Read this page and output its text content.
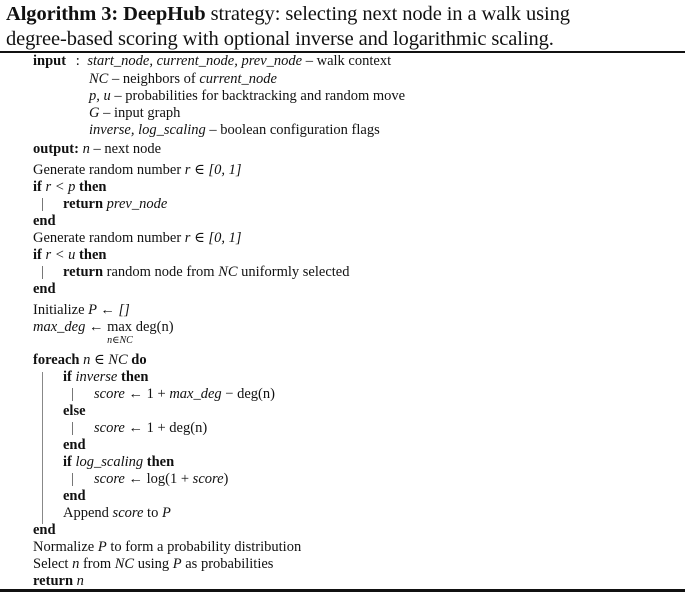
Algorithm 3: DeepHub strategy: selecting next node in a walk using
degree-based scoring with optional inverse and logarithmic scaling.
input : start_node, current_node, prev_node – walk context
NC – neighbors of current_node
p, u – probabilities for backtracking and random move
G – input graph
inverse, log_scaling – boolean configuration flags
output: n – next node
Generate random number r ∈ [0, 1]
if r < p then
return prev_node
end
Generate random number r ∈ [0, 1]
if r < u then
return random node from NC uniformly selected
end
Initialize P ← []
max_deg ← max
n∈NC
deg(n)
foreach n ∈ NC do
if inverse then
score ← 1 + max_deg − deg(n)
else
score ← 1 + deg(n)
end
if log_scaling then
score ← log(1 + score)
end
Append score to P
end
Normalize P to form a probability distribution
Select n from NC using P as probabilities
return n
